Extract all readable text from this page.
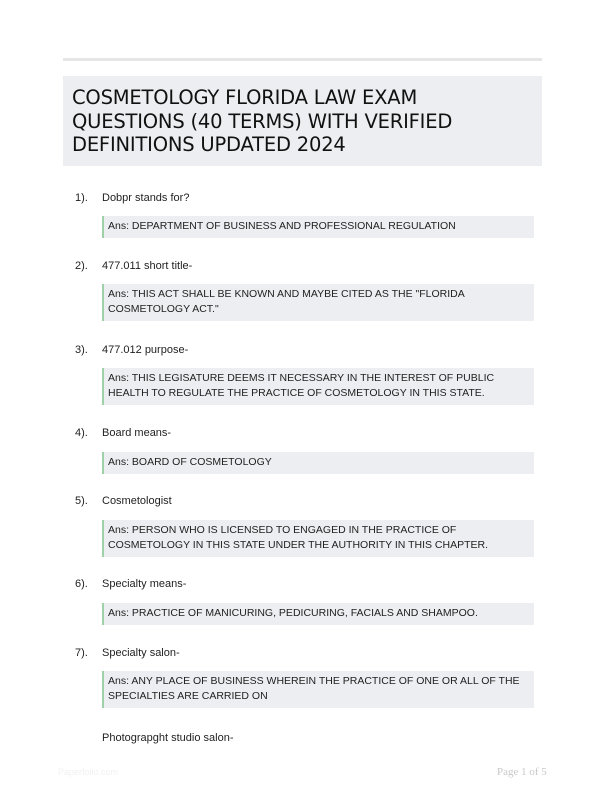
COSMETOLOGY FLORIDA LAW EXAM QUESTIONS (40 TERMS) WITH VERIFIED DEFINITIONS UPDATED 2024
1). Dobpr stands for?
Ans: DEPARTMENT OF BUSINESS AND PROFESSIONAL REGULATION
2). 477.011 short title-
Ans: THIS ACT SHALL BE KNOWN AND MAYBE CITED AS THE "FLORIDA COSMETOLOGY ACT."
3). 477.012 purpose-
Ans: THIS LEGISATURE DEEMS IT NECESSARY IN THE INTEREST OF PUBLIC HEALTH TO REGULATE THE PRACTICE OF COSMETOLOGY IN THIS STATE.
4). Board means-
Ans: BOARD OF COSMETOLOGY
5). Cosmetologist
Ans: PERSON WHO IS LICENSED TO ENGAGED IN THE PRACTICE OF COSMETOLOGY IN THIS STATE UNDER THE AUTHORITY IN THIS CHAPTER.
6). Specialty means-
Ans: PRACTICE OF MANICURING, PEDICURING, FACIALS AND SHAMPOO.
7). Specialty salon-
Ans: ANY PLACE OF BUSINESS WHEREIN THE PRACTICE OF ONE OR ALL OF THE SPECIALTIES ARE CARRIED ON
Photograpght studio salon-
Paperfolio.com	Page 1 of 5
